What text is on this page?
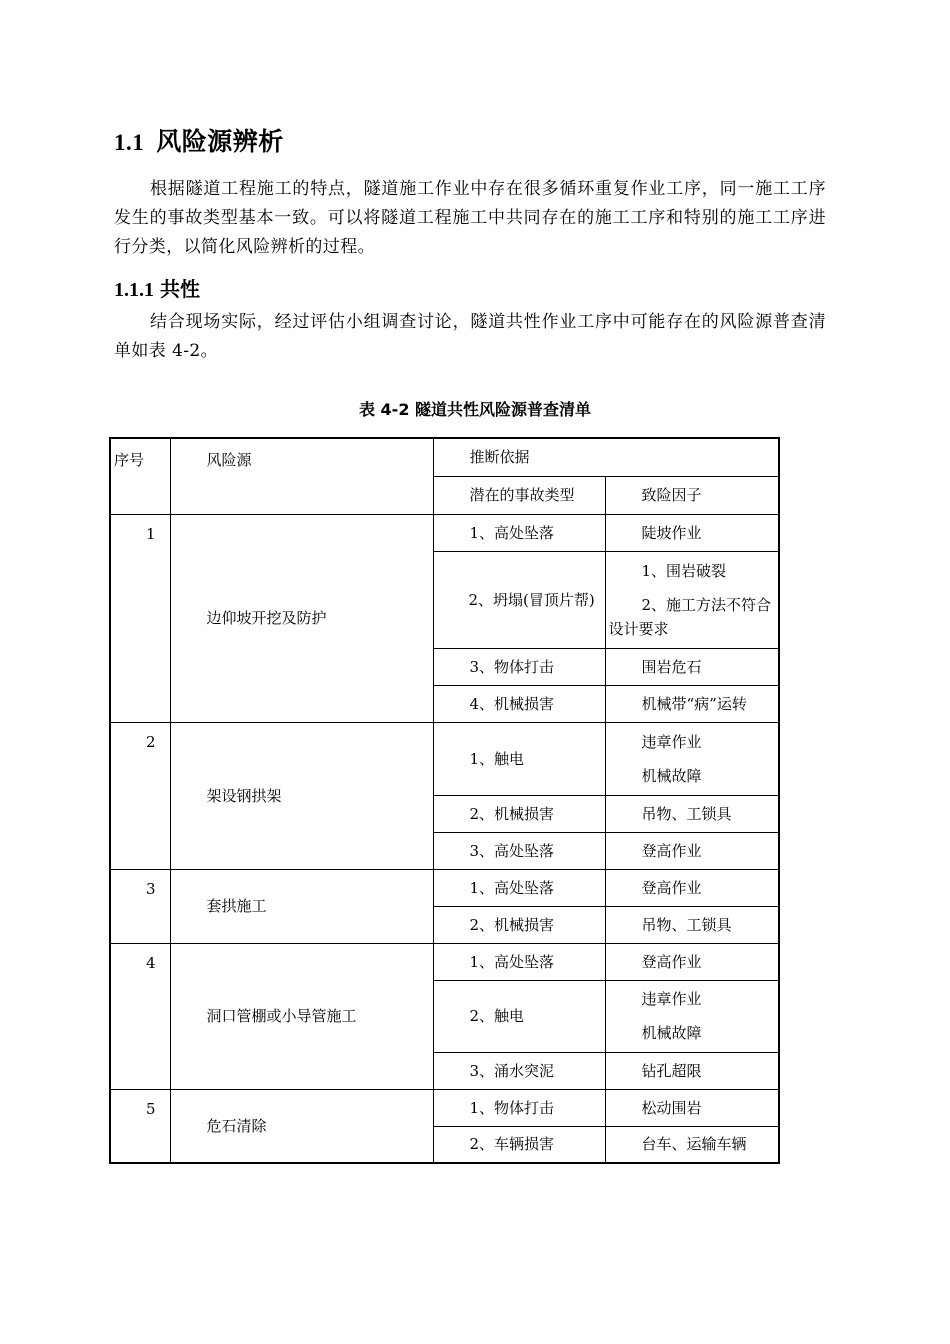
1.1 风险源辨析
根据隧道工程施工的特点，隧道施工作业中存在很多循环重复作业工序，同一施工工序发生的事故类型基本一致。可以将隧道工程施工中共同存在的施工工序和特别的施工工序进行分类，以简化风险辨析的过程。
1.1.1 共性
结合现场实际，经过评估小组调查讨论，隧道共性作业工序中可能存在的风险源普查清单如表 4-2。
表 4-2 隧道共性风险源普查清单
序号	风险源	推断依据	
		潜在的事故类型	致险因子
1	边仰坡开挖及防护	1、高处坠落	陡坡作业
		2、坍塌(冒顶片帮)	1、围岩破裂
2、施工方法不符合设计要求

		3、物体打击	围岩危石
		4、机械损害	机械带“病”运转
2	架设钢拱架	1、触电	违章作业
机械故障

		2、机械损害	吊物、工锁具
		3、高处坠落	登高作业
3	套拱施工	1、高处坠落	登高作业
		2、机械损害	吊物、工锁具
4	洞口管棚或小导管施工	1、高处坠落	登高作业
		2、触电	违章作业
机械故障

		3、涌水突泥	钻孔超限
5	危石清除	1、物体打击	松动围岩
		2、车辆损害	台车、运输车辆
